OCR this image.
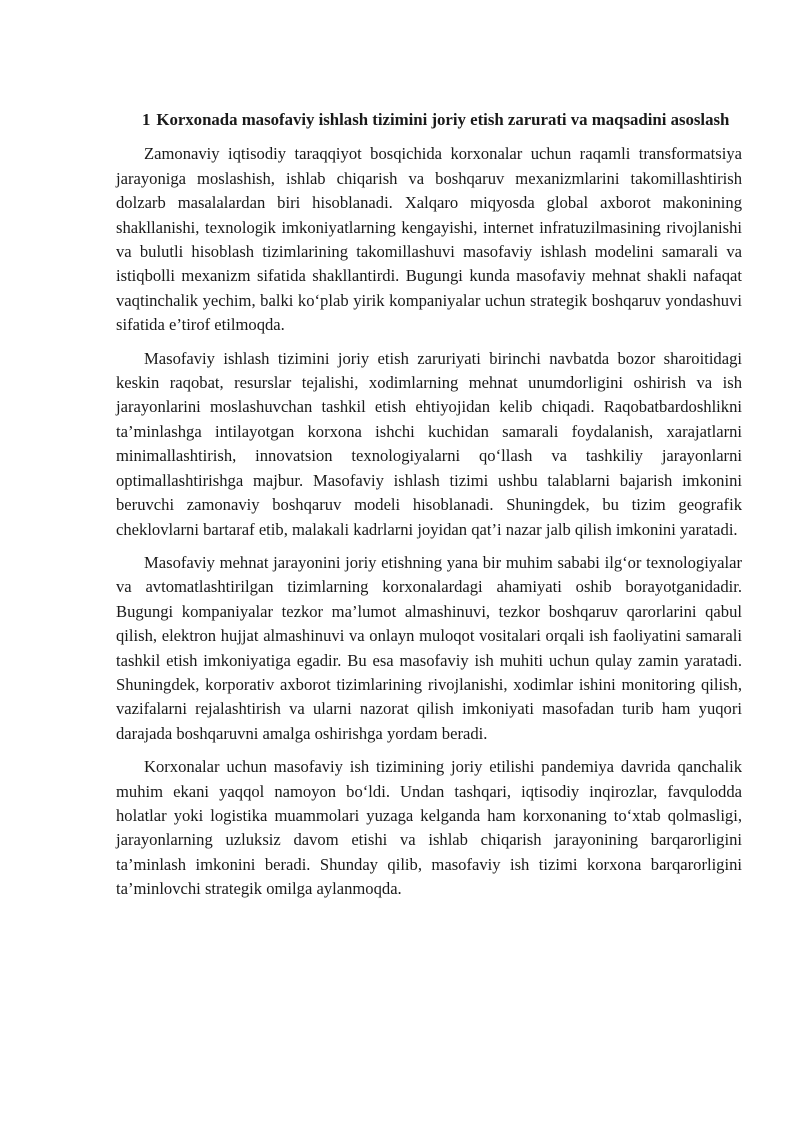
1 Korxonada masofaviy ishlash tizimini joriy etish zarurati va maqsadini asoslash

Zamonaviy iqtisodiy taraqqiyot bosqichida korxonalar uchun raqamli transformatsiya jarayoniga moslashish, ishlab chiqarish va boshqaruv mexanizmlarini takomillashtirish dolzarb masalalardan biri hisoblanadi. Xalqaro miqyosda global axborot makonining shakllanishi, texnologik imkoniyatlarning kengayishi, internet infratuzilmasining rivojlanishi va bulutli hisoblash tizimlarining takomillashuvi masofaviy ishlash modelini samarali va istiqbolli mexanizm sifatida shakllantirdi. Bugungi kunda masofaviy mehnat shakli nafaqat vaqtinchalik yechim, balki ko‘plab yirik kompaniyalar uchun strategik boshqaruv yondashuvi sifatida e’tirof etilmoqda.

Masofaviy ishlash tizimini joriy etish zaruriyati birinchi navbatda bozor sharoitidagi keskin raqobat, resurslar tejalishi, xodimlarning mehnat unumdorligini oshirish va ish jarayonlarini moslashuvchan tashkil etish ehtiyojidan kelib chiqadi. Raqobatbardoshlikni ta’minlashga intilayotgan korxona ishchi kuchidan samarali foydalanish, xarajatlarni minimallashtirish, innovatsion texnologiyalarni qo‘llash va tashkiliy jarayonlarni optimallashtirishga majbur. Masofaviy ishlash tizimi ushbu talablarni bajarish imkonini beruvchi zamonaviy boshqaruv modeli hisoblanadi. Shuningdek, bu tizim geografik cheklovlarni bartaraf etib, malakali kadrlarni joyidan qat’i nazar jalb qilish imkonini yaratadi.

Masofaviy mehnat jarayonini joriy etishning yana bir muhim sababi ilg‘or texnologiyalar va avtomatlashtirilgan tizimlarning korxonalardagi ahamiyati oshib borayotganidadir. Bugungi kompaniyalar tezkor ma’lumot almashinuvi, tezkor boshqaruv qarorlarini qabul qilish, elektron hujjat almashinuvi va onlayn muloqot vositalari orqali ish faoliyatini samarali tashkil etish imkoniyatiga egadir. Bu esa masofaviy ish muhiti uchun qulay zamin yaratadi. Shuningdek, korporativ axborot tizimlarining rivojlanishi, xodimlar ishini monitoring qilish, vazifalarni rejalashtirish va ularni nazorat qilish imkoniyati masofadan turib ham yuqori darajada boshqaruvni amalga oshirishga yordam beradi.

Korxonalar uchun masofaviy ish tizimining joriy etilishi pandemiya davrida qanchalik muhim ekani yaqqol namoyon bo‘ldi. Undan tashqari, iqtisodiy inqirozlar, favqulodda holatlar yoki logistika muammolari yuzaga kelganda ham korxonaning to‘xtab qolmasligi, jarayonlarning uzluksiz davom etishi va ishlab chiqarish jarayonining barqarorligini ta’minlash imkonini beradi. Shunday qilib, masofaviy ish tizimi korxona barqarorligini ta’minlovchi strategik omilga aylanmoqda.
